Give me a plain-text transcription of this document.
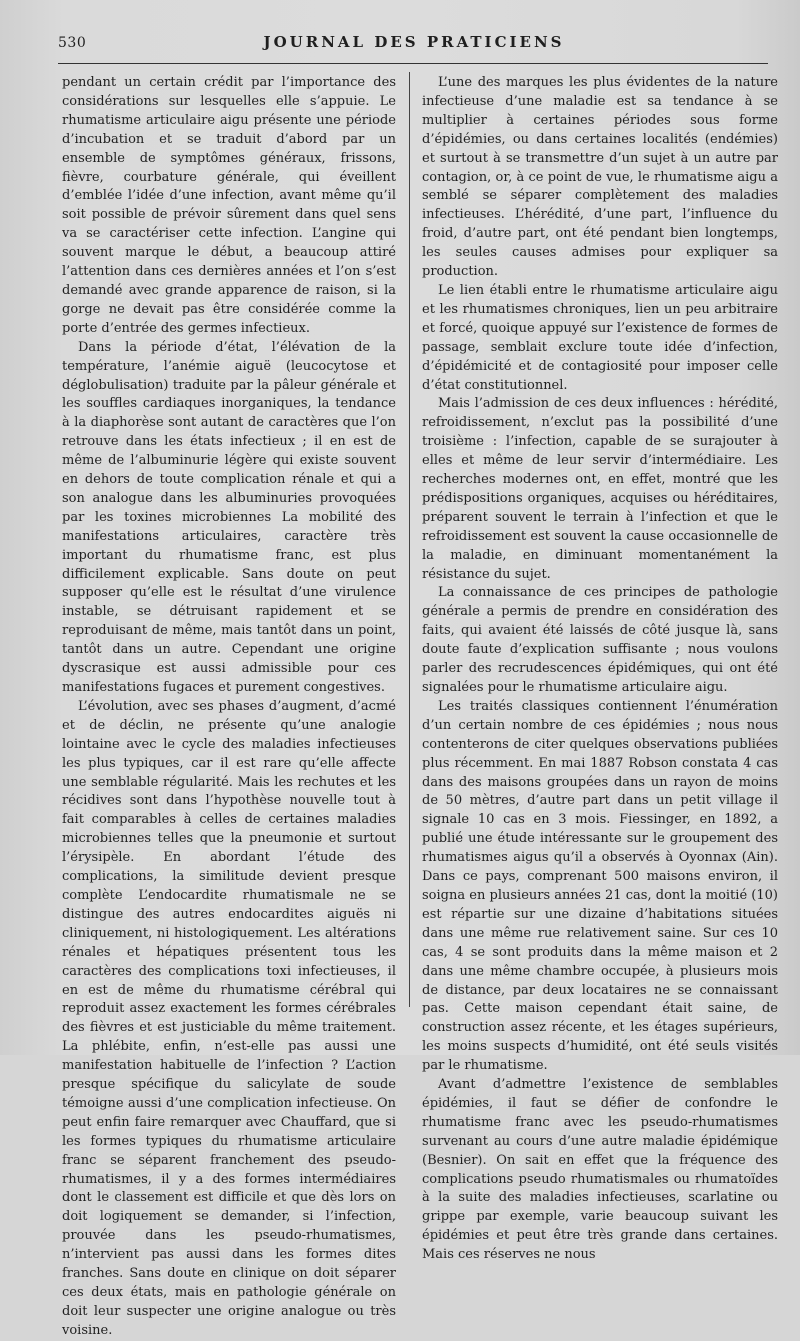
530	JOURNAL DES PRATICIENS

pendant un certain crédit par l’importance des considérations sur lesquelles elle s’appuie. Le rhumatisme articulaire aigu présente une période d’incubation et se traduit d’abord par un ensemble de symptômes généraux, frissons, fièvre, courbature générale, qui éveillent d’emblée l’idée d’une infection, avant même qu’il soit possible de prévoir sûrement dans quel sens va se caractériser cette infection. L’angine qui souvent marque le début, a beaucoup attiré l’attention dans ces dernières années et l’on s’est demandé avec grande apparence de raison, si la gorge ne devait pas être considérée comme la porte d’entrée des germes infectieux.

Dans la période d’état, l’élévation de la température, l’anémie aiguë (leucocytose et déglobulisation) traduite par la pâleur générale et les souffles cardiaques inorganiques, la tendance à la diaphorèse sont autant de caractères que l’on retrouve dans les états infectieux ; il en est de même de l’albuminurie légère qui existe souvent en dehors de toute complication rénale et qui a son analogue dans les albuminuries provoquées par les toxines microbiennes La mobilité des manifestations articulaires, caractère très important du rhumatisme franc, est plus difficilement explicable. Sans doute on peut supposer qu’elle est le résultat d’une virulence instable, se détruisant rapidement et se reproduisant de même, mais tantôt dans un point, tantôt dans un autre. Cependant une origine dyscrasique est aussi admissible pour ces manifestations fugaces et purement congestives.

L’évolution, avec ses phases d’augment, d’acmé et de déclin, ne présente qu’une analogie lointaine avec le cycle des maladies infectieuses les plus typiques, car il est rare qu’elle affecte une semblable régularité. Mais les rechutes et les récidives sont dans l’hypothèse nouvelle tout à fait comparables à celles de certaines maladies microbiennes telles que la pneumonie et surtout l’érysipèle. En abordant l’étude des complications, la similitude devient presque complète L’endocardite rhumatismale ne se distingue des autres endocardites aiguës ni cliniquement, ni histologiquement. Les altérations rénales et hépatiques présentent tous les caractères des complications toxi infectieuses, il en est de même du rhumatisme cérébral qui reproduit assez exactement les formes cérébrales des fièvres et est justiciable du même traitement. La phlébite, enfin, n’est-elle pas aussi une manifestation habituelle de l’infection ? L’action presque spécifique du salicylate de soude témoigne aussi d’une complication infectieuse. On peut enfin faire remarquer avec Chauffard, que si les formes typiques du rhumatisme articulaire franc se séparent franchement des pseudo-rhumatismes, il y a des formes intermédiaires dont le classement est difficile et que dès lors on doit logiquement se demander, si l’infection, prouvée dans les pseudo-rhumatismes, n’intervient pas aussi dans les formes dites franches. Sans doute en clinique on doit séparer ces deux états, mais en pathologie générale on doit leur suspecter une origine analogue ou très voisine.

L’une des marques les plus évidentes de la nature infectieuse d’une maladie est sa tendance à se multiplier à certaines périodes sous forme d’épidémies, ou dans certaines localités (endémies) et surtout à se transmettre d’un sujet à un autre par contagion, or, à ce point de vue, le rhumatisme aigu a semblé se séparer complètement des maladies infectieuses. L’hérédité, d’une part, l’influence du froid, d’autre part, ont été pendant bien longtemps, les seules causes admises pour expliquer sa production.

Le lien établi entre le rhumatisme articulaire aigu et les rhumatismes chroniques, lien un peu arbitraire et forcé, quoique appuyé sur l’existence de formes de passage, semblait exclure toute idée d’infection, d’épidémicité et de contagiosité pour imposer celle d’état constitutionnel.

Mais l’admission de ces deux influences : hérédité, refroidissement, n’exclut pas la possibilité d’une troisième : l’infection, capable de se surajouter à elles et même de leur servir d’intermédiaire. Les recherches modernes ont, en effet, montré que les prédispositions organiques, acquises ou héréditaires, préparent souvent le terrain à l’infection et que le refroidissement est souvent la cause occasionnelle de la maladie, en diminuant momentanément la résistance du sujet.

La connaissance de ces principes de pathologie générale a permis de prendre en considération des faits, qui avaient été laissés de côté jusque là, sans doute faute d’explication suffisante ; nous voulons parler des recrudescences épidémiques, qui ont été signalées pour le rhumatisme articulaire aigu.

Les traités classiques contiennent l’énumération d’un certain nombre de ces épidémies ; nous nous contenterons de citer quelques observations publiées plus récemment. En mai 1887 Robson constata 4 cas dans des maisons groupées dans un rayon de moins de 50 mètres, d’autre part dans un petit village il signale 10 cas en 3 mois. Fiessinger, en 1892, a publié une étude intéressante sur le groupement des rhumatismes aigus qu’il a observés à Oyonnax (Ain). Dans ce pays, comprenant 500 maisons environ, il soigna en plusieurs années 21 cas, dont la moitié (10) est répartie sur une dizaine d’habitations situées dans une même rue relativement saine. Sur ces 10 cas, 4 se sont produits dans la même maison et 2 dans une même chambre occupée, à plusieurs mois de distance, par deux locataires ne se connaissant pas. Cette maison cependant était saine, de construction assez récente, et les étages supérieurs, les moins suspects d’humidité, ont été seuls visités par le rhumatisme.

Avant d’admettre l’existence de semblables épidémies, il faut se défier de confondre le rhumatisme franc avec les pseudo-rhumatismes survenant au cours d’une autre maladie épidémique (Besnier). On sait en effet que la fréquence des complications pseudo rhumatismales ou rhumatoïdes à la suite des maladies infectieuses, scarlatine ou grippe par exemple, varie beaucoup suivant les épidémies et peut être très grande dans certaines. Mais ces réserves ne nous
